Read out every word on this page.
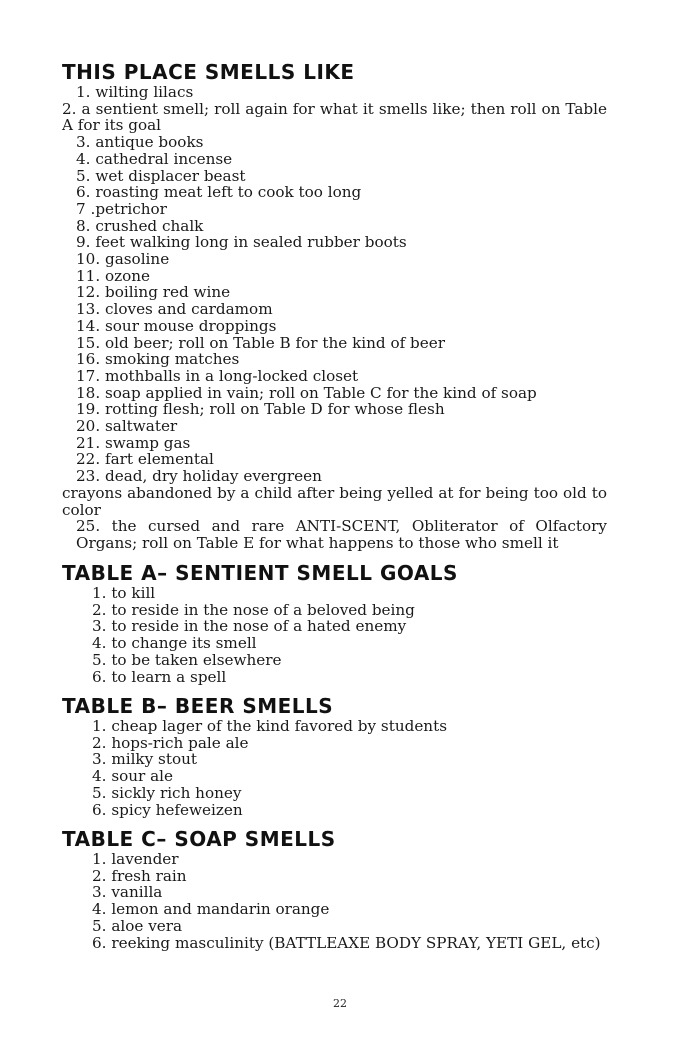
THIS PLACE SMELLS LIKE
1. wilting lilacs
2. a sentient smell; roll again for what it smells like; then roll on Table A for its goal
3. antique books
4. cathedral incense
5. wet displacer beast
6. roasting meat left to cook too long
7 .petrichor
8. crushed chalk
9. feet walking long in sealed rubber boots
10. gasoline
11. ozone
12. boiling red wine
13. cloves and cardamom
14. sour mouse droppings
15. old beer; roll on Table B for the kind of beer
16. smoking matches
17. mothballs in a long-locked closet
18. soap applied in vain; roll on Table C for the kind of soap
19. rotting flesh; roll on Table D for whose flesh
20. saltwater
21. swamp gas
22. fart elemental
23. dead, dry holiday evergreen
crayons abandoned by a child after being yelled at for being too old to color
25. the cursed and rare ANTI-SCENT, Obliterator of Olfactory Organs; roll on Table E for what happens to those who smell it
TABLE A– SENTIENT SMELL GOALS
1. to kill
2. to reside in the nose of a beloved being
3. to reside in the nose of a hated enemy
4. to change its smell
5. to be taken elsewhere
6. to learn a spell
TABLE B– BEER SMELLS
1. cheap lager of the kind favored by students
2. hops-rich pale ale
3. milky stout
4. sour ale
5. sickly rich honey
6. spicy hefeweizen
TABLE C– SOAP SMELLS
1. lavender
2. fresh rain
3. vanilla
4. lemon and mandarin orange
5. aloe vera
6. reeking masculinity (BATTLEAXE BODY SPRAY, YETI GEL, etc)
22
